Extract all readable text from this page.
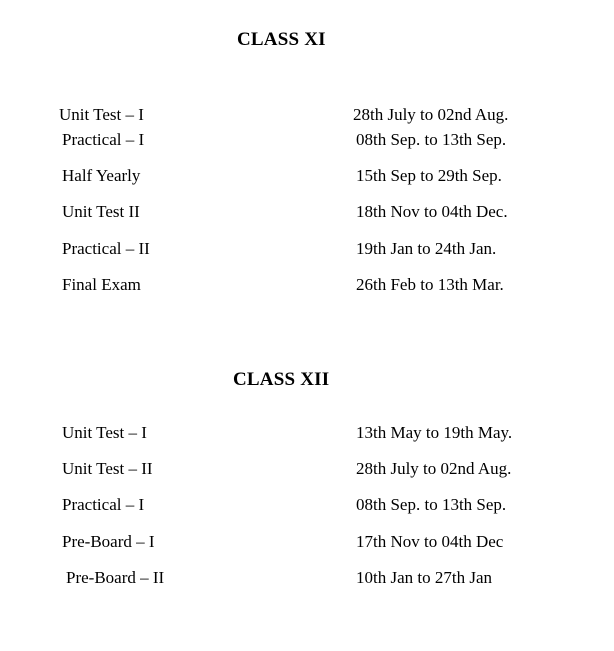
CLASS XI
Unit Test – I	28th July to 02nd Aug.
Practical – I	08th Sep. to 13th Sep.
Half Yearly	15th Sep to 29th Sep.
Unit Test II	18th Nov to 04th Dec.
Practical – II	19th Jan to 24th Jan.
Final Exam	26th Feb to 13th Mar.
CLASS XII
Unit Test – I	13th May to 19th May.
Unit Test – II	28th July to 02nd Aug.
Practical – I	08th Sep. to 13th Sep.
Pre-Board – I	17th Nov to 04th Dec
Pre-Board – II	10th Jan to 27th Jan
